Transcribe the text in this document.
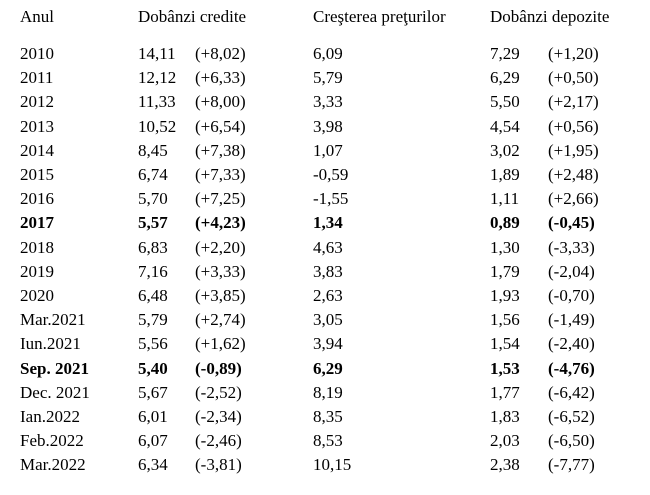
Anul	Dobânzi credite	Creşterea preţurilor	Dobânzi depozite
2010	14,11 (+8,02)	6,09	7,29 (+1,20)
2011	12,12 (+6,33)	5,79	6,29 (+0,50)
2012	11,33 (+8,00)	3,33	5,50 (+2,17)
2013	10,52 (+6,54)	3,98	4,54 (+0,56)
2014	8,45 (+7,38)	1,07	3,02 (+1,95)
2015	6,74 (+7,33)	-0,59	1,89 (+2,48)
2016	5,70 (+7,25)	-1,55	1,11 (+2,66)
2017	5,57 (+4,23)	1,34	0,89 (-0,45)
2018	6,83 (+2,20)	4,63	1,30 (-3,33)
2019	7,16 (+3,33)	3,83	1,79 (-2,04)
2020	6,48 (+3,85)	2,63	1,93 (-0,70)
Mar.2021	5,79 (+2,74)	3,05	1,56 (-1,49)
Iun.2021	5,56 (+1,62)	3,94	1,54 (-2,40)
Sep. 2021	5,40 (-0,89)	6,29	1,53 (-4,76)
Dec. 2021	5,67 (-2,52)	8,19	1,77 (-6,42)
Ian.2022	6,01 (-2,34)	8,35	1,83 (-6,52)
Feb.2022	6,07 (-2,46)	8,53	2,03 (-6,50)
Mar.2022	6,34 (-3,81)	10,15	2,38 (-7,77)
